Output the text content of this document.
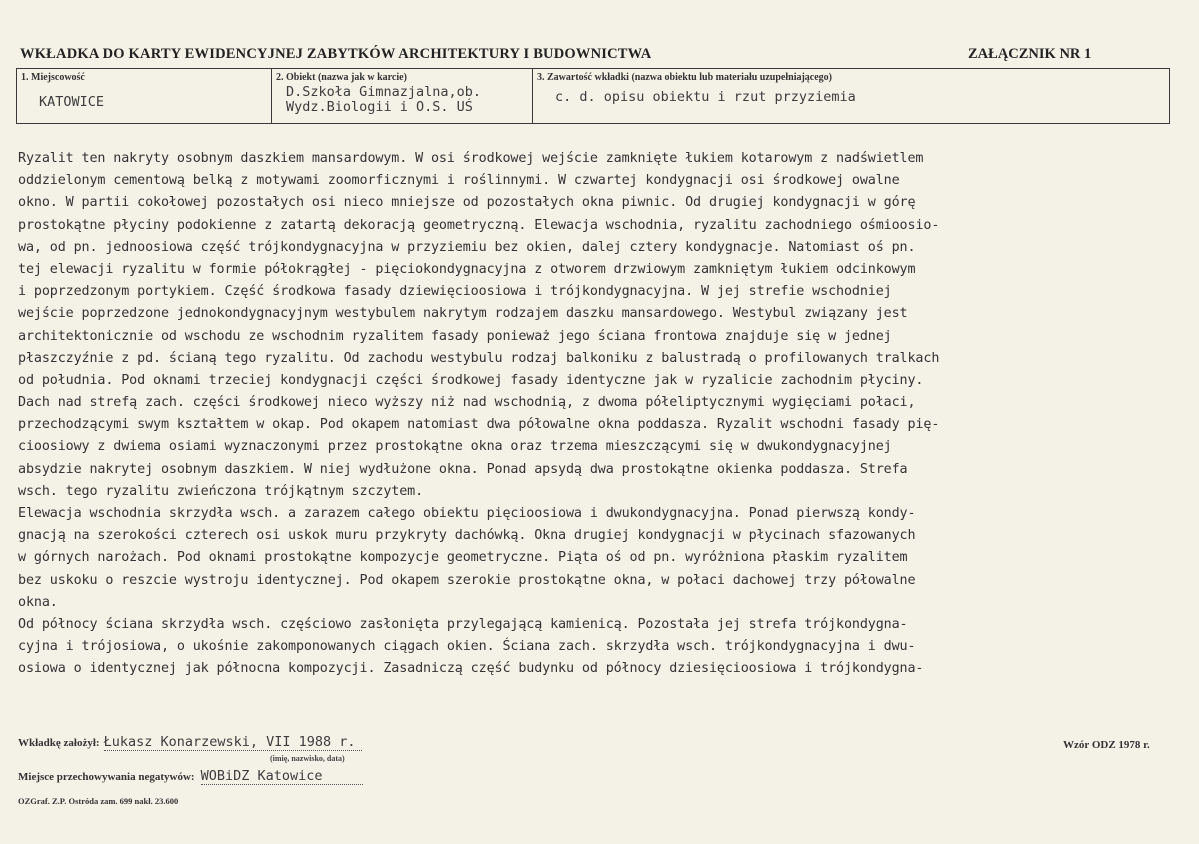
WKŁADKA DO KARTY EWIDENCYJNEJ ZABYTKÓW ARCHITEKTURY I BUDOWNICTWA	ZAŁĄCZNIK NR 1
1. Miejscowość
KATOWICE
2. Obiekt (nazwa jak w karcie)
D.Szkoła Gimnazjalna,ob.
Wydz.Biologii i O.S. UŚ
3. Zawartość wkładki (nazwa obiektu lub materiału uzupełniającego)
c. d. opisu obiektu i rzut przyziemia
Ryzalit ten nakryty osobnym daszkiem mansardowym. W osi środkowej wejście zamknięte łukiem kotarowym z nadświetlem
oddzielonym cementową belką z motywami zoomorficznymi i roślinnymi. W czwartej kondygnacji osi środkowej owalne
okno. W partii cokołowej pozostałych osi nieco mniejsze od pozostałych okna piwnic. Od drugiej kondygnacji w górę
prostokątne płyciny podokienne z zatartą dekoracją geometryczną. Elewacja wschodnia, ryzalitu zachodniego ośmioosio-
wa, od pn. jednoosiowa część trójkondygnacyjna w przyziemiu bez okien, dalej cztery kondygnacje. Natomiast oś pn.
tej elewacji ryzalitu w formie półokrągłej - pięciokondygnacyjna z otworem drzwiowym zamkniętym łukiem odcinkowym
i poprzedzonym portykiem. Część środkowa fasady dziewięcioosiowa i trójkondygnacyjna. W jej strefie wschodniej
wejście poprzedzone jednokondygnacyjnym westybulem nakrytym rodzajem daszku mansardowego. Westybul związany jest
architektonicznie od wschodu ze wschodnim ryzalitem fasady ponieważ jego ściana frontowa znajduje się w jednej
płaszczyźnie z pd. ścianą tego ryzalitu. Od zachodu westybulu rodzaj balkoniku z balustradą o profilowanych tralkach
od południa. Pod oknami trzeciej kondygnacji części środkowej fasady identyczne jak w ryzalicie zachodnim płyciny.
Dach nad strefą zach. części środkowej nieco wyższy niż nad wschodnią, z dwoma półeliptycznymi wygięciami połaci,
przechodzącymi swym kształtem w okap. Pod okapem natomiast dwa półowalne okna poddasza. Ryzalit wschodni fasady pię-
cioosiowy z dwiema osiami wyznaczonymi przez prostokątne okna oraz trzema mieszczącymi się w dwukondygnacyjnej
absydzie nakrytej osobnym daszkiem. W niej wydłużone okna. Ponad apsydą dwa prostokątne okienka poddasza. Strefa
wsch. tego ryzalitu zwieńczona trójkątnym szczytem.
Elewacja wschodnia skrzydła wsch. a zarazem całego obiektu pięcioosiowa i dwukondygnacyjna. Ponad pierwszą kondy-
gnacją na szerokości czterech osi uskok muru przykryty dachówką. Okna drugiej kondygnacji w płycinach sfazowanych
w górnych narożach. Pod oknami prostokątne kompozycje geometryczne. Piąta oś od pn. wyróżniona płaskim ryzalitem
bez uskoku o reszcie wystroju identycznej. Pod okapem szerokie prostokątne okna, w połaci dachowej trzy półowalne
okna.
Od północy ściana skrzydła wsch. częściowo zasłonięta przylegającą kamienicą. Pozostała jej strefa trójkondygna-
cyjna i trójosiowa, o ukośnie zakomponowanych ciągach okien. Ściana zach. skrzydła wsch. trójkondygnacyjna i dwu-
osiowa o identycznej jak północna kompozycji. Zasadniczą część budynku od północy dziesięcioosiowa i trójkondygna-
Wkładkę założył: Łukasz Konarzewski, VII 1988 r.
(imię, nazwisko, data)
Wzór ODZ 1978 r.
Miejsce przechowywania negatywów: WOBiDZ Katowice
OZGraf. Z.P. Ostróda zam. 699 nakł. 23.600
